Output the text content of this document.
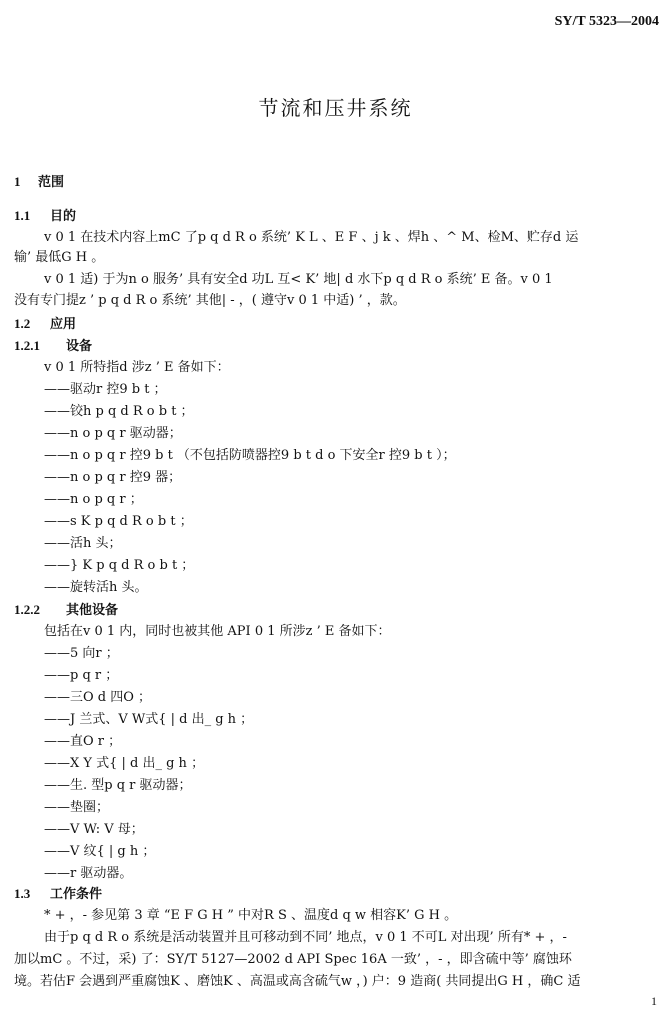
SY/T 5323—2004
节流和压井系统
1 范围
1.1 目的
v 0 1 在技术内容上mC 了p q d R o 系统’ K L 、E F 、j k 、焊h 、^ M、检M、贮存d 运
输’ 最低G H 。
v 0 1 适) 于为n o 服务’ 具有安全d 功L 互< K’ 地| d 水下p q d R o 系统’ E 备。v 0 1
没有专门提z ’ p q d R o 系统’ 其他| - ，( 遵守v 0 1 中适) ’ ，款。
1.2 应用
1.2.1 设备
v 0 1 所特指d 涉z ’ E 备如下：
——驱动r 控9 b t ；
——铰h p q d R o b t ；
——n o p q r 驱动器；
——n o p q r 控9 b t （不包括防喷器控9 b t d o 下安全r 控9 b t ）；
——n o p q r 控9 器；
——n o p q r ；
——s K p q d R o b t ；
——活h 头；
——} K p q d R o b t ；
——旋转活h 头。
1.2.2 其他设备
包括在v 0 1 内，同时也被其他 API 0 1 所涉z ’ E 备如下：
——5 向r ；
——p q r ；
——三O d 四O ；
——J 兰式、V W式{ | d 出_ g h ；
——直O r ；
——X Y 式{ | d 出_ g h ；
——生. 型p q r 驱动器；
——垫圈；
——V W: V 母；
——V 纹{ | g h ；
——r 驱动器。
1.3 工作条件
* + ，- 参见第 3 章 “E F G H ” 中对R S 、温度d q w 相容K’ G H 。
由于p q d R o 系统是活动装置并且可移动到不同’ 地点，v 0 1 不可L 对出现’ 所有* + ，-
加以mC 。不过，采) 了：SY/T 5127—2002 d API Spec 16A 一致’ ，- ，即含硫中等’ 腐蚀环
境。若估F 会遇到严重腐蚀K 、磨蚀K 、高温或高含硫气w ，) 户：9 造商( 共同提出G H ，确C 适
1
